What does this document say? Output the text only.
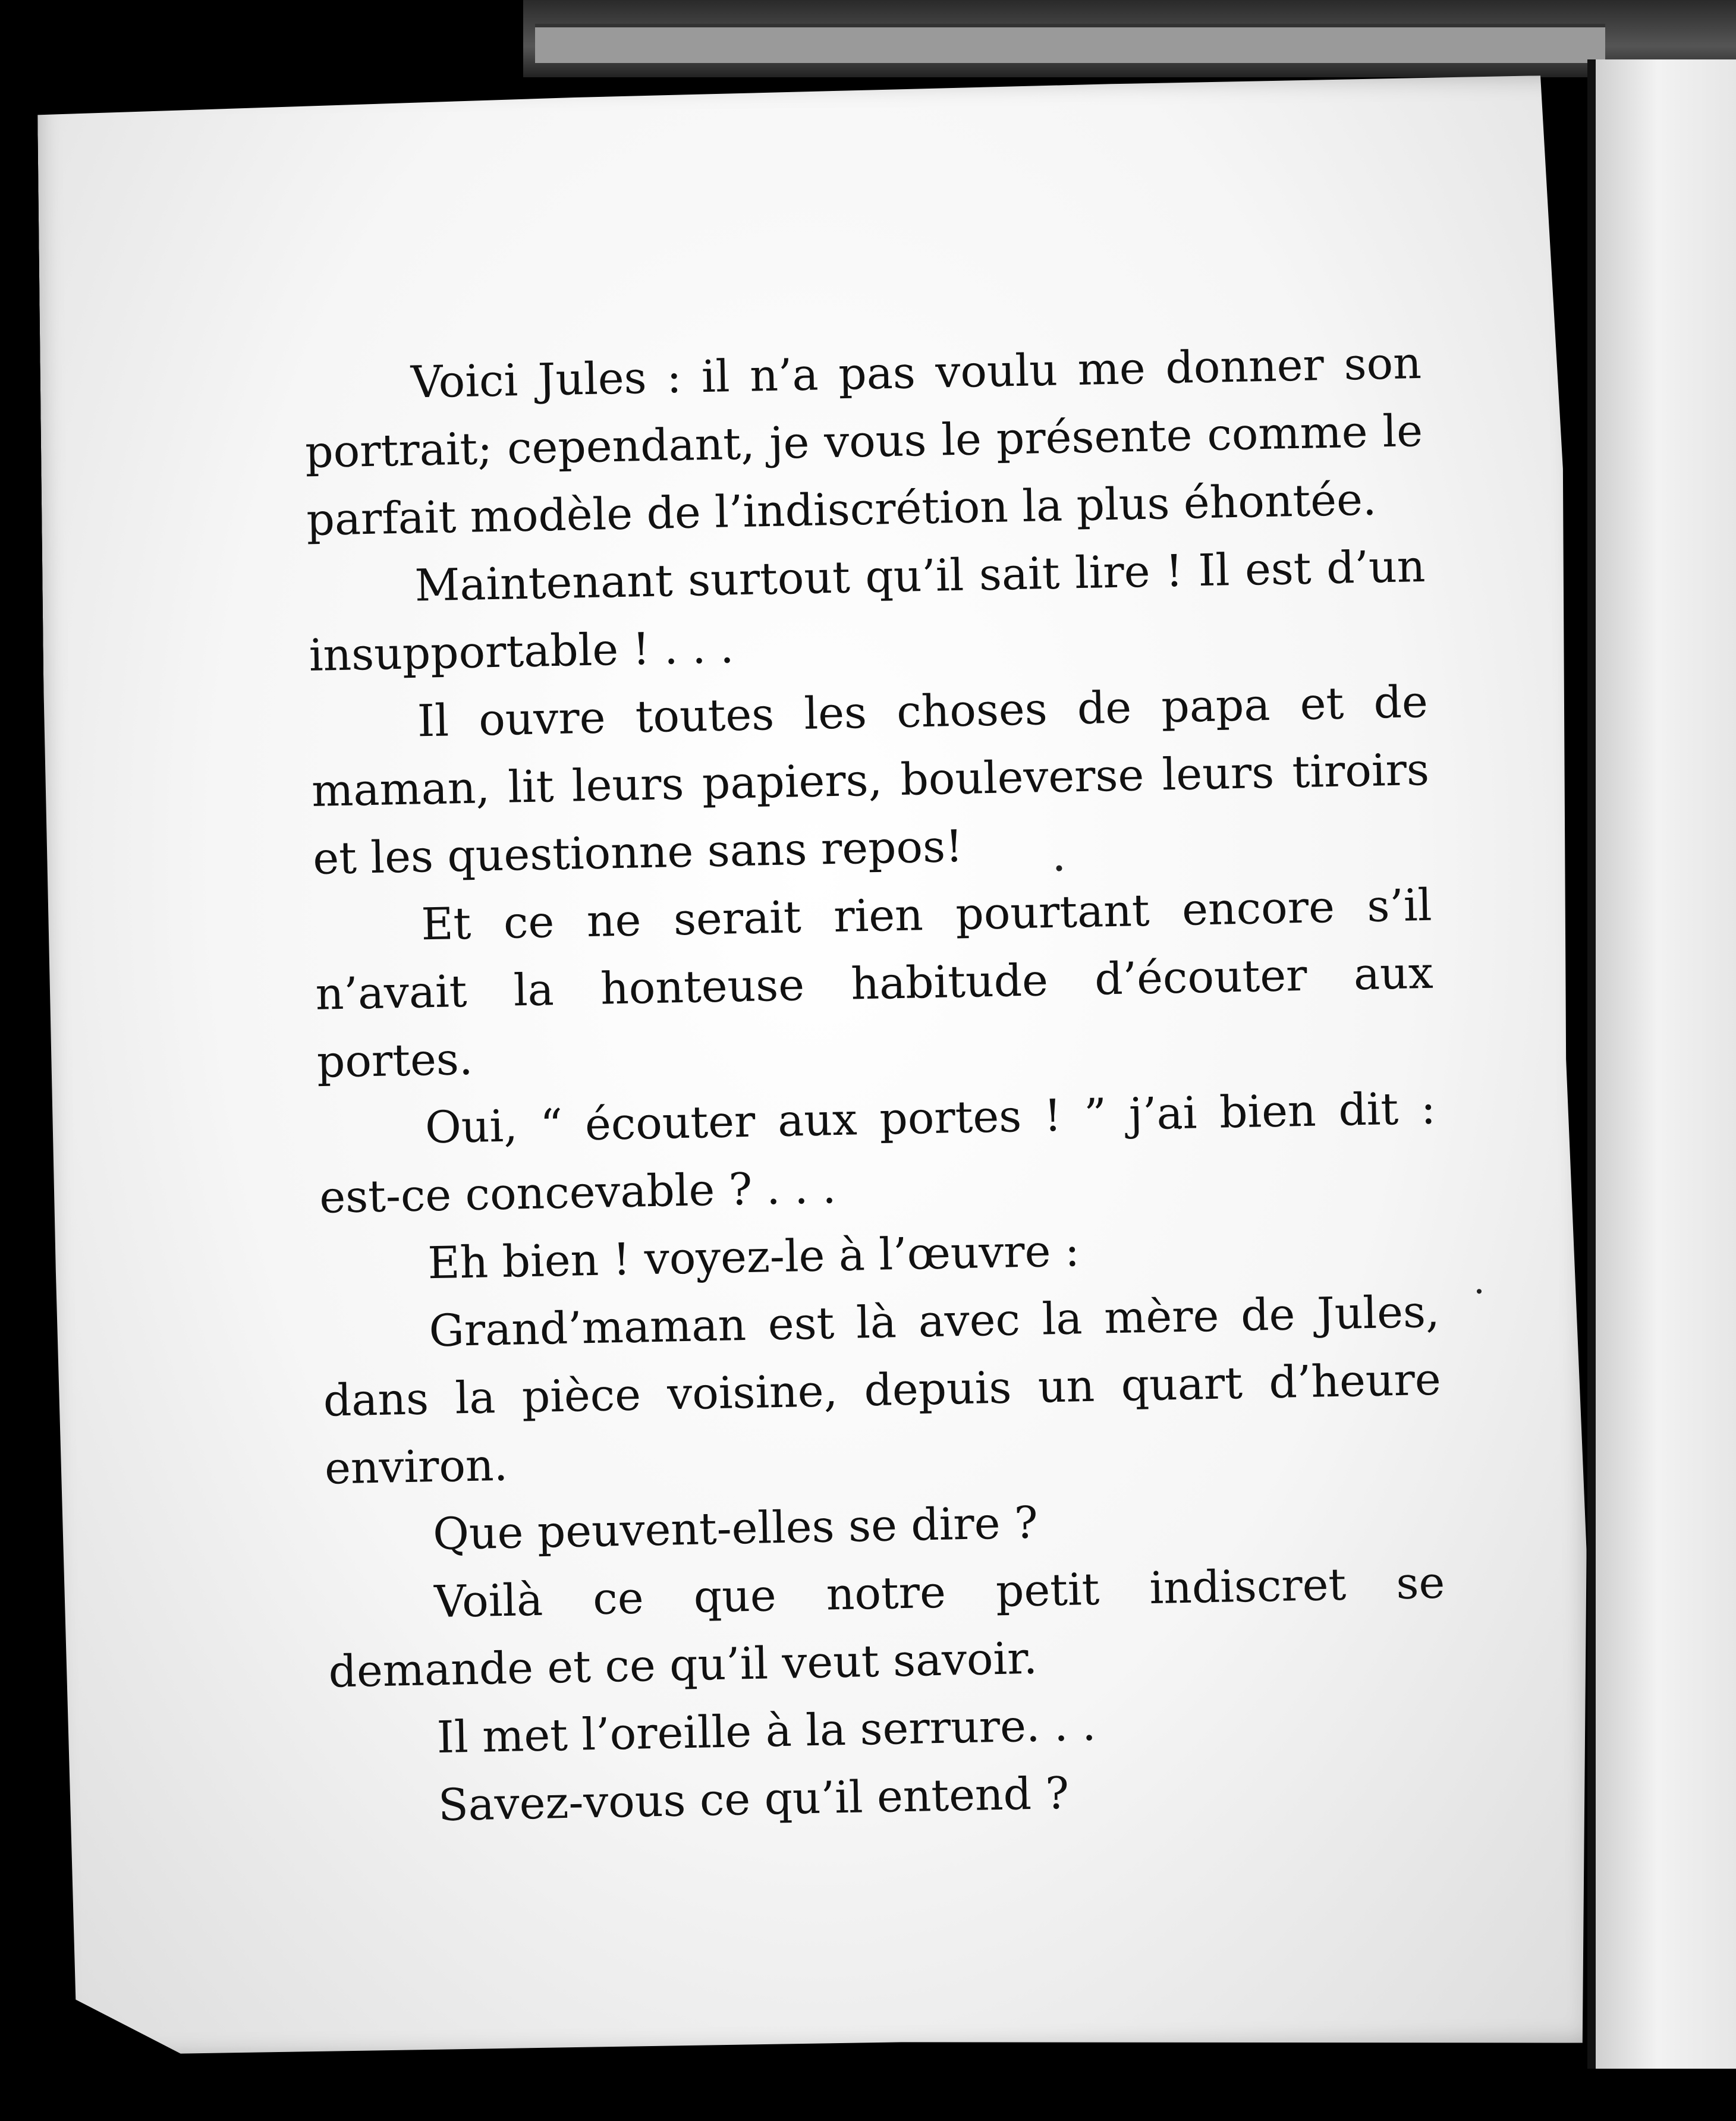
Voici Jules : il n’a pas voulu me donner son portrait; cependant, je vous le présente comme le parfait modèle de l’indiscrétion la plus éhontée.

Maintenant surtout qu’il sait lire ! Il est d’un insupportable ! . . .

Il ouvre toutes les choses de papa et de maman, lit leurs papiers, bouleverse leurs tiroirs et les questionne sans repos!

Et ce ne serait rien pourtant encore s’il n’avait la honteuse habitude d’écouter aux portes.

Oui, “ écouter aux portes ! ” j’ai bien dit : est-ce concevable ? . . .

Eh bien ! voyez-le à l’œuvre :

Grand’maman est là avec la mère de Jules, dans la pièce voisine, depuis un quart d’heure environ.

Que peuvent-elles se dire ?

Voilà ce que notre petit indiscret se demande et ce qu’il veut savoir.

Il met l’oreille à la serrure. . .

Savez-vous ce qu’il entend ?
